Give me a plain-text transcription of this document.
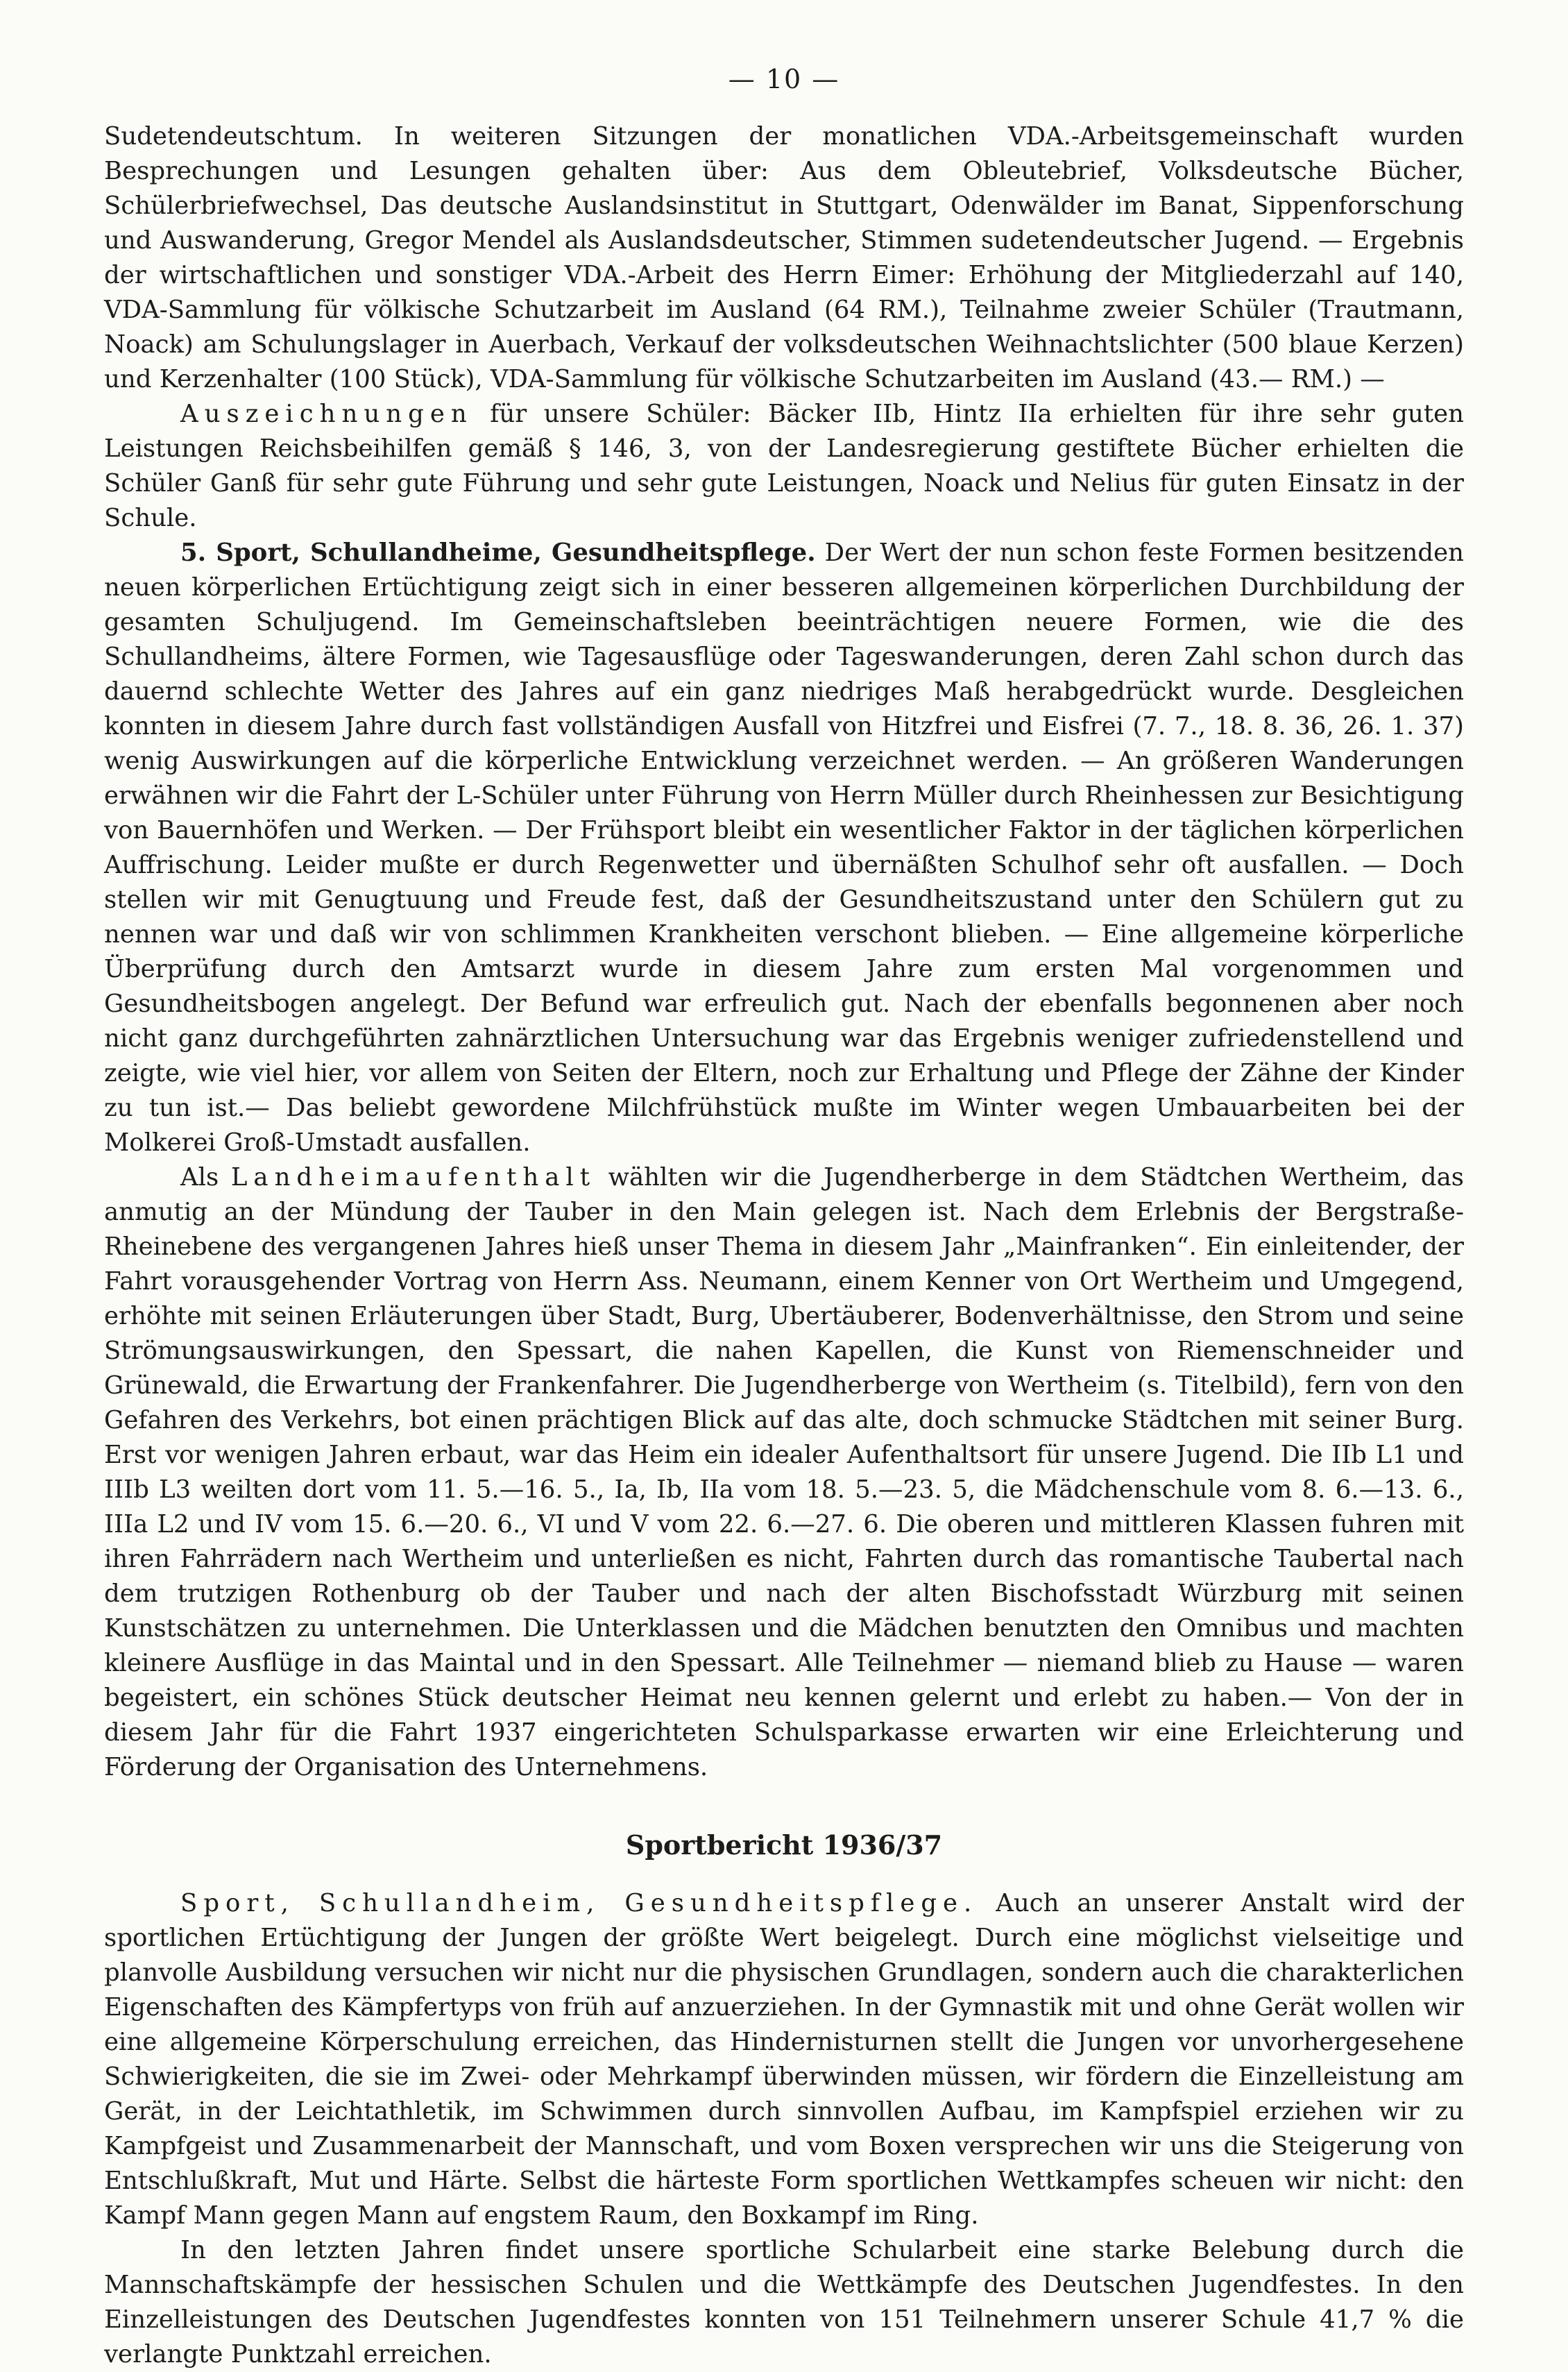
— 10 —

Sudetendeutschtum. In weiteren Sitzungen der monatlichen VDA.-Arbeitsgemeinschaft wurden Besprechungen und Lesungen gehalten über: Aus dem Obleutebrief, Volksdeutsche Bücher, Schülerbriefwechsel, Das deutsche Auslandsinstitut in Stuttgart, Odenwälder im Banat, Sippenforschung und Auswanderung, Gregor Mendel als Auslandsdeutscher, Stimmen sudetendeutscher Jugend. — Ergebnis der wirtschaftlichen und sonstiger VDA.-Arbeit des Herrn Eimer: Erhöhung der Mitgliederzahl auf 140, VDA-Sammlung für völkische Schutzarbeit im Ausland (64 RM.), Teilnahme zweier Schüler (Trautmann, Noack) am Schulungslager in Auerbach, Verkauf der volksdeutschen Weihnachtslichter (500 blaue Kerzen) und Kerzenhalter (100 Stück), VDA-Sammlung für völkische Schutzarbeiten im Ausland (43.— RM.) —

Auszeichnungen für unsere Schüler: Bäcker IIb, Hintz IIa erhielten für ihre sehr guten Leistungen Reichsbeihilfen gemäß § 146, 3, von der Landesregierung gestiftete Bücher erhielten die Schüler Ganß für sehr gute Führung und sehr gute Leistungen, Noack und Nelius für guten Einsatz in der Schule.

5. Sport, Schullandheime, Gesundheitspflege. Der Wert der nun schon feste Formen besitzenden neuen körperlichen Ertüchtigung zeigt sich in einer besseren allgemeinen körperlichen Durchbildung der gesamten Schuljugend. Im Gemeinschaftsleben beeinträchtigen neuere Formen, wie die des Schullandheims, ältere Formen, wie Tagesausflüge oder Tageswanderungen, deren Zahl schon durch das dauernd schlechte Wetter des Jahres auf ein ganz niedriges Maß herabgedrückt wurde. Desgleichen konnten in diesem Jahre durch fast vollständigen Ausfall von Hitzfrei und Eisfrei (7. 7., 18. 8. 36, 26. 1. 37) wenig Auswirkungen auf die körperliche Entwicklung verzeichnet werden. — An größeren Wanderungen erwähnen wir die Fahrt der L-Schüler unter Führung von Herrn Müller durch Rheinhessen zur Besichtigung von Bauernhöfen und Werken. — Der Frühsport bleibt ein wesentlicher Faktor in der täglichen körperlichen Auffrischung. Leider mußte er durch Regenwetter und übernäßten Schulhof sehr oft ausfallen. — Doch stellen wir mit Genugtuung und Freude fest, daß der Gesundheitszustand unter den Schülern gut zu nennen war und daß wir von schlimmen Krankheiten verschont blieben. — Eine allgemeine körperliche Überprüfung durch den Amtsarzt wurde in diesem Jahre zum ersten Mal vorgenommen und Gesundheitsbogen angelegt. Der Befund war erfreulich gut. Nach der ebenfalls begonnenen aber noch nicht ganz durchgeführten zahnärztlichen Untersuchung war das Ergebnis weniger zufriedenstellend und zeigte, wie viel hier, vor allem von Seiten der Eltern, noch zur Erhaltung und Pflege der Zähne der Kinder zu tun ist.— Das beliebt gewordene Milchfrühstück mußte im Winter wegen Umbauarbeiten bei der Molkerei Groß-Umstadt ausfallen.

Als Landheimaufenthalt wählten wir die Jugendherberge in dem Städtchen Wertheim, das anmutig an der Mündung der Tauber in den Main gelegen ist. Nach dem Erlebnis der Bergstraße-Rheinebene des vergangenen Jahres hieß unser Thema in diesem Jahr „Mainfranken“. Ein einleitender, der Fahrt vorausgehender Vortrag von Herrn Ass. Neumann, einem Kenner von Ort Wertheim und Umgegend, erhöhte mit seinen Erläuterungen über Stadt, Burg, Ubertäuberer, Bodenverhältnisse, den Strom und seine Strömungsauswirkungen, den Spessart, die nahen Kapellen, die Kunst von Riemenschneider und Grünewald, die Erwartung der Frankenfahrer. Die Jugendherberge von Wertheim (s. Titelbild), fern von den Gefahren des Verkehrs, bot einen prächtigen Blick auf das alte, doch schmucke Städtchen mit seiner Burg. Erst vor wenigen Jahren erbaut, war das Heim ein idealer Aufenthaltsort für unsere Jugend. Die IIb L1 und IIIb L3 weilten dort vom 11. 5.—16. 5., Ia, Ib, IIa vom 18. 5.—23. 5, die Mädchenschule vom 8. 6.—13. 6., IIIa L2 und IV vom 15. 6.—20. 6., VI und V vom 22. 6.—27. 6. Die oberen und mittleren Klassen fuhren mit ihren Fahrrädern nach Wertheim und unterließen es nicht, Fahrten durch das romantische Taubertal nach dem trutzigen Rothenburg ob der Tauber und nach der alten Bischofsstadt Würzburg mit seinen Kunstschätzen zu unternehmen. Die Unterklassen und die Mädchen benutzten den Omnibus und machten kleinere Ausflüge in das Maintal und in den Spessart. Alle Teilnehmer — niemand blieb zu Hause — waren begeistert, ein schönes Stück deutscher Heimat neu kennen gelernt und erlebt zu haben.— Von der in diesem Jahr für die Fahrt 1937 eingerichteten Schulsparkasse erwarten wir eine Erleichterung und Förderung der Organisation des Unternehmens.

Sportbericht 1936/37

Sport, Schullandheim, Gesundheitspflege. Auch an unserer Anstalt wird der sportlichen Ertüchtigung der Jungen der größte Wert beigelegt. Durch eine möglichst vielseitige und planvolle Ausbildung versuchen wir nicht nur die physischen Grundlagen, sondern auch die charakterlichen Eigenschaften des Kämpfertyps von früh auf anzuerziehen. In der Gymnastik mit und ohne Gerät wollen wir eine allgemeine Körperschulung erreichen, das Hindernisturnen stellt die Jungen vor unvorhergesehene Schwierigkeiten, die sie im Zwei- oder Mehrkampf überwinden müssen, wir fördern die Einzelleistung am Gerät, in der Leichtathletik, im Schwimmen durch sinnvollen Aufbau, im Kampfspiel erziehen wir zu Kampfgeist und Zusammenarbeit der Mannschaft, und vom Boxen versprechen wir uns die Steigerung von Entschlußkraft, Mut und Härte. Selbst die härteste Form sportlichen Wettkampfes scheuen wir nicht: den Kampf Mann gegen Mann auf engstem Raum, den Boxkampf im Ring.

In den letzten Jahren findet unsere sportliche Schularbeit eine starke Belebung durch die Mannschaftskämpfe der hessischen Schulen und die Wettkämpfe des Deutschen Jugendfestes. In den Einzelleistungen des Deutschen Jugendfestes konnten von 151 Teilnehmern unserer Schule 41,7 % die verlangte Punktzahl erreichen.
